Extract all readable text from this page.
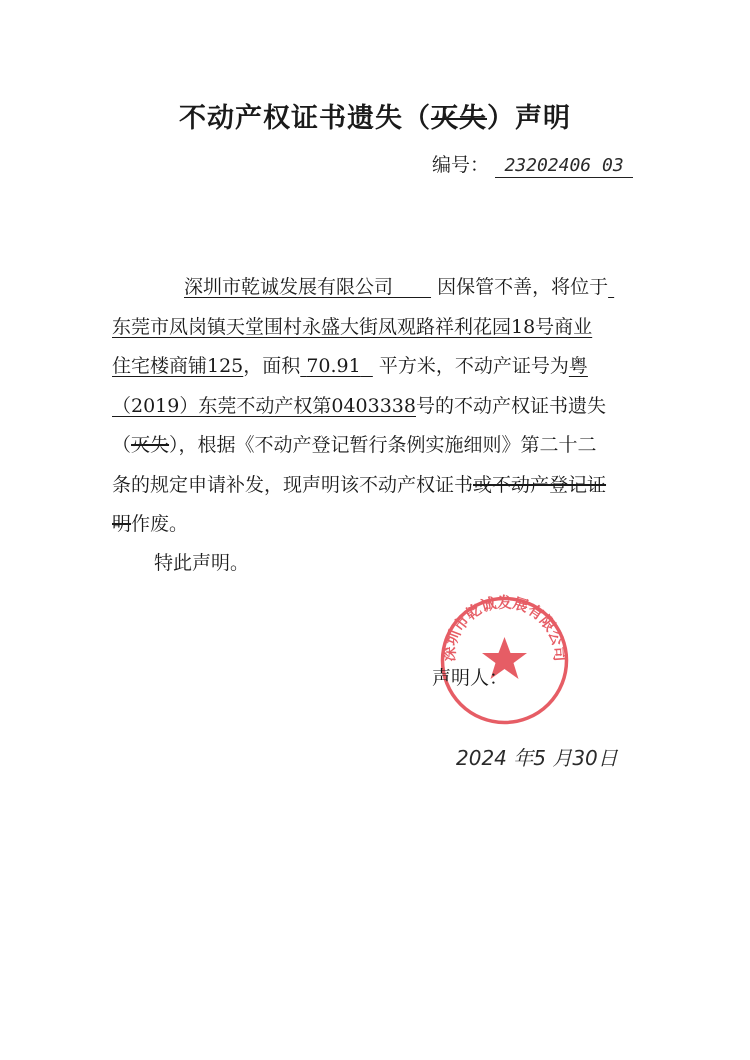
不动产权证书遗失（灭失）声明
编号： 23202406 03
深圳市乾诚发展有限公司　　 因保管不善，将位于
东莞市凤岗镇天堂围村永盛大街凤观路祥利花园18号商业
住宅楼商铺125，面积 70.91 平方米，不动产证号为粤
（2019）东莞不动产权第0403338号的不动产权证书遗失
（灭失），根据《不动产登记暂行条例实施细则》第二十二
条的规定申请补发，现声明该不动产权证书或不动产登记证
明作废。
特此声明。
深圳市乾诚发展有限公司
声明人：
2024 年5 月30日
